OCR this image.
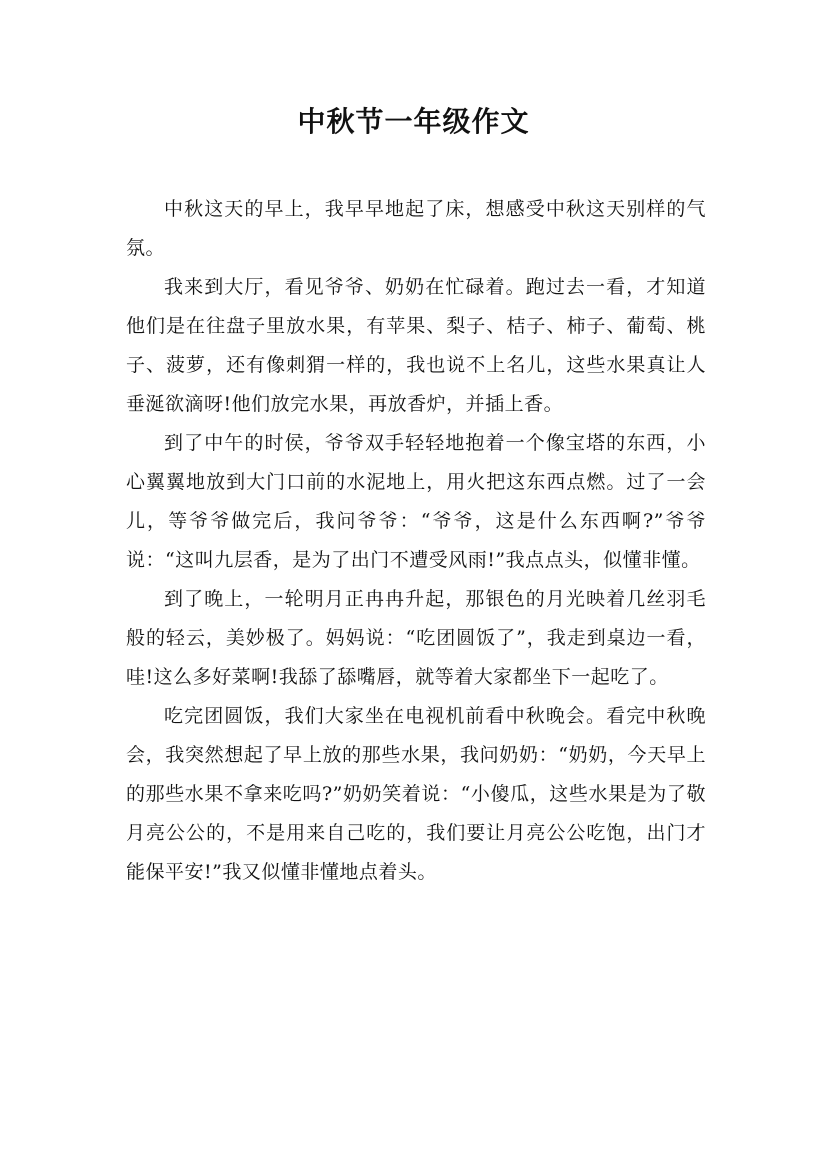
中秋节一年级作文

中秋这天的早上，我早早地起了床，想感受中秋这天别样的气氛。

我来到大厅，看见爷爷、奶奶在忙碌着。跑过去一看，才知道他们是在往盘子里放水果，有苹果、梨子、桔子、柿子、葡萄、桃子、菠萝，还有像刺猬一样的，我也说不上名儿，这些水果真让人垂涎欲滴呀!他们放完水果，再放香炉，并插上香。

到了中午的时侯，爷爷双手轻轻地抱着一个像宝塔的东西，小心翼翼地放到大门口前的水泥地上，用火把这东西点燃。过了一会儿，等爷爷做完后，我问爷爷：“爷爷，这是什么东西啊?”爷爷说：“这叫九层香，是为了出门不遭受风雨!”我点点头，似懂非懂。

到了晚上，一轮明月正冉冉升起，那银色的月光映着几丝羽毛般的轻云，美妙极了。妈妈说：“吃团圆饭了”，我走到桌边一看，哇!这么多好菜啊!我舔了舔嘴唇，就等着大家都坐下一起吃了。

吃完团圆饭，我们大家坐在电视机前看中秋晚会。看完中秋晚会，我突然想起了早上放的那些水果，我问奶奶：“奶奶，今天早上的那些水果不拿来吃吗?”奶奶笑着说：“小傻瓜，这些水果是为了敬月亮公公的，不是用来自己吃的，我们要让月亮公公吃饱，出门才能保平安!”我又似懂非懂地点着头。
